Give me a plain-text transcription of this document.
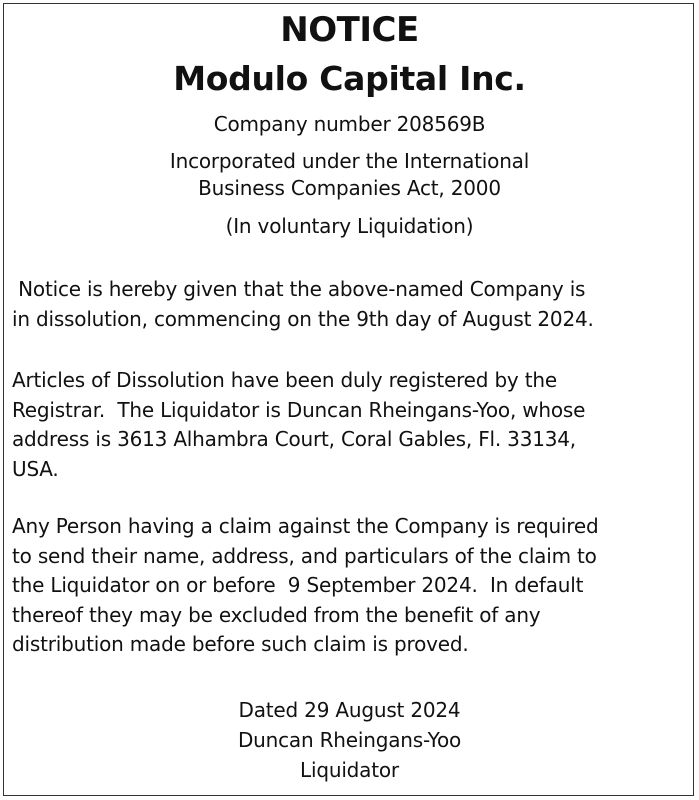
NOTICE
Modulo Capital Inc.
Company number 208569B
Incorporated under the International
Business Companies Act, 2000
(In voluntary Liquidation)
Notice is hereby given that the above-named Company is
in dissolution, commencing on the 9th day of August 2024.
Articles of Dissolution have been duly registered by the
Registrar.  The Liquidator is Duncan Rheingans-Yoo, whose
address is 3613 Alhambra Court, Coral Gables, Fl. 33134,
USA.
Any Person having a claim against the Company is required
to send their name, address, and particulars of the claim to
the Liquidator on or before  9 September 2024.  In default
thereof they may be excluded from the benefit of any
distribution made before such claim is proved.
Dated 29 August 2024
Duncan Rheingans-Yoo
Liquidator
